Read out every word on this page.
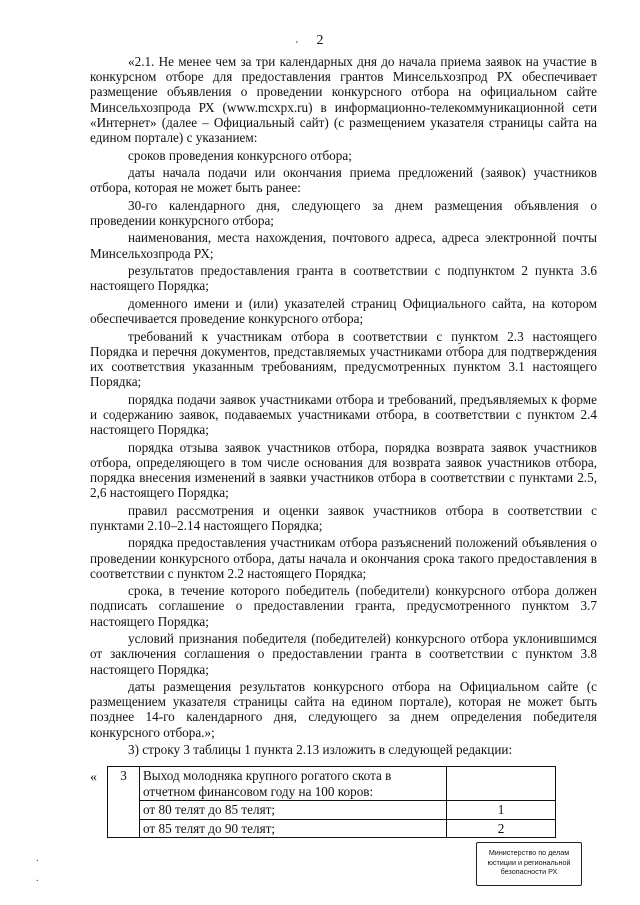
2
'

«2.1. Не менее чем за три календарных дня до начала приема заявок на участие в конкурсном отборе для предоставления грантов Минсельхозпрод РХ обеспечивает размещение объявления о проведении конкурсного отбора на официальном сайте Минсельхозпрода РХ (www.mcxpx.ru) в информационно-телекоммуникационной сети «Интернет» (далее – Официальный сайт) (с размещением указателя страницы сайта на едином портале) с указанием:

сроков проведения конкурсного отбора;

даты начала подачи или окончания приема предложений (заявок) участников отбора, которая не может быть ранее:

30-го календарного дня, следующего за днем размещения объявления о проведении конкурсного отбора;

наименования, места нахождения, почтового адреса, адреса электронной почты Минсельхозпрода РХ;

результатов предоставления гранта в соответствии с подпунктом 2 пункта 3.6 настоящего Порядка;

доменного имени и (или) указателей страниц Официального сайта, на котором обеспечивается проведение конкурсного отбора;

требований к участникам отбора в соответствии с пунктом 2.3 настоящего Порядка и перечня документов, представляемых участниками отбора для подтверждения их соответствия указанным требованиям, предусмотренных пунктом 3.1 настоящего Порядка;

порядка подачи заявок участниками отбора и требований, предъявляемых к форме и содержанию заявок, подаваемых участниками отбора, в соответствии с пунктом 2.4 настоящего Порядка;

порядка отзыва заявок участников отбора, порядка возврата заявок участников отбора, определяющего в том числе основания для возврата заявок участников отбора, порядка внесения изменений в заявки участников отбора в соответствии с пунктами 2.5, 2,6 настоящего Порядка;

правил рассмотрения и оценки заявок участников отбора в соответствии с пунктами 2.10–2.14 настоящего Порядка;

порядка предоставления участникам отбора разъяснений положений объявления о проведении конкурсного отбора, даты начала и окончания срока такого предоставления в соответствии с пунктом 2.2 настоящего Порядка;

срока, в течение которого победитель (победители) конкурсного отбора должен подписать соглашение о предоставлении гранта, предусмотренного пунктом 3.7 настоящего Порядка;

условий признания победителя (победителей) конкурсного отбора уклонившимся от заключения соглашения о предоставлении гранта в соответствии с пунктом 3.8 настоящего Порядка;

даты размещения результатов конкурсного отбора на Официальном сайте (с размещением указателя страницы сайта на едином портале), которая не может быть позднее 14-го календарного дня, следующего за днем определения победителя конкурсного отбора.»;

3) строку 3 таблицы 1 пункта 2.13 изложить в следующей редакции:

« 3	Выход молодняка крупного рогатого скота в отчетном финансовом году на 100 коров:	
	от 80 телят до 85 телят;	1
	от 85 телят до 90 телят;	2
Министерство по делам
юстиции и региональной
безопасности РХ
.
.
